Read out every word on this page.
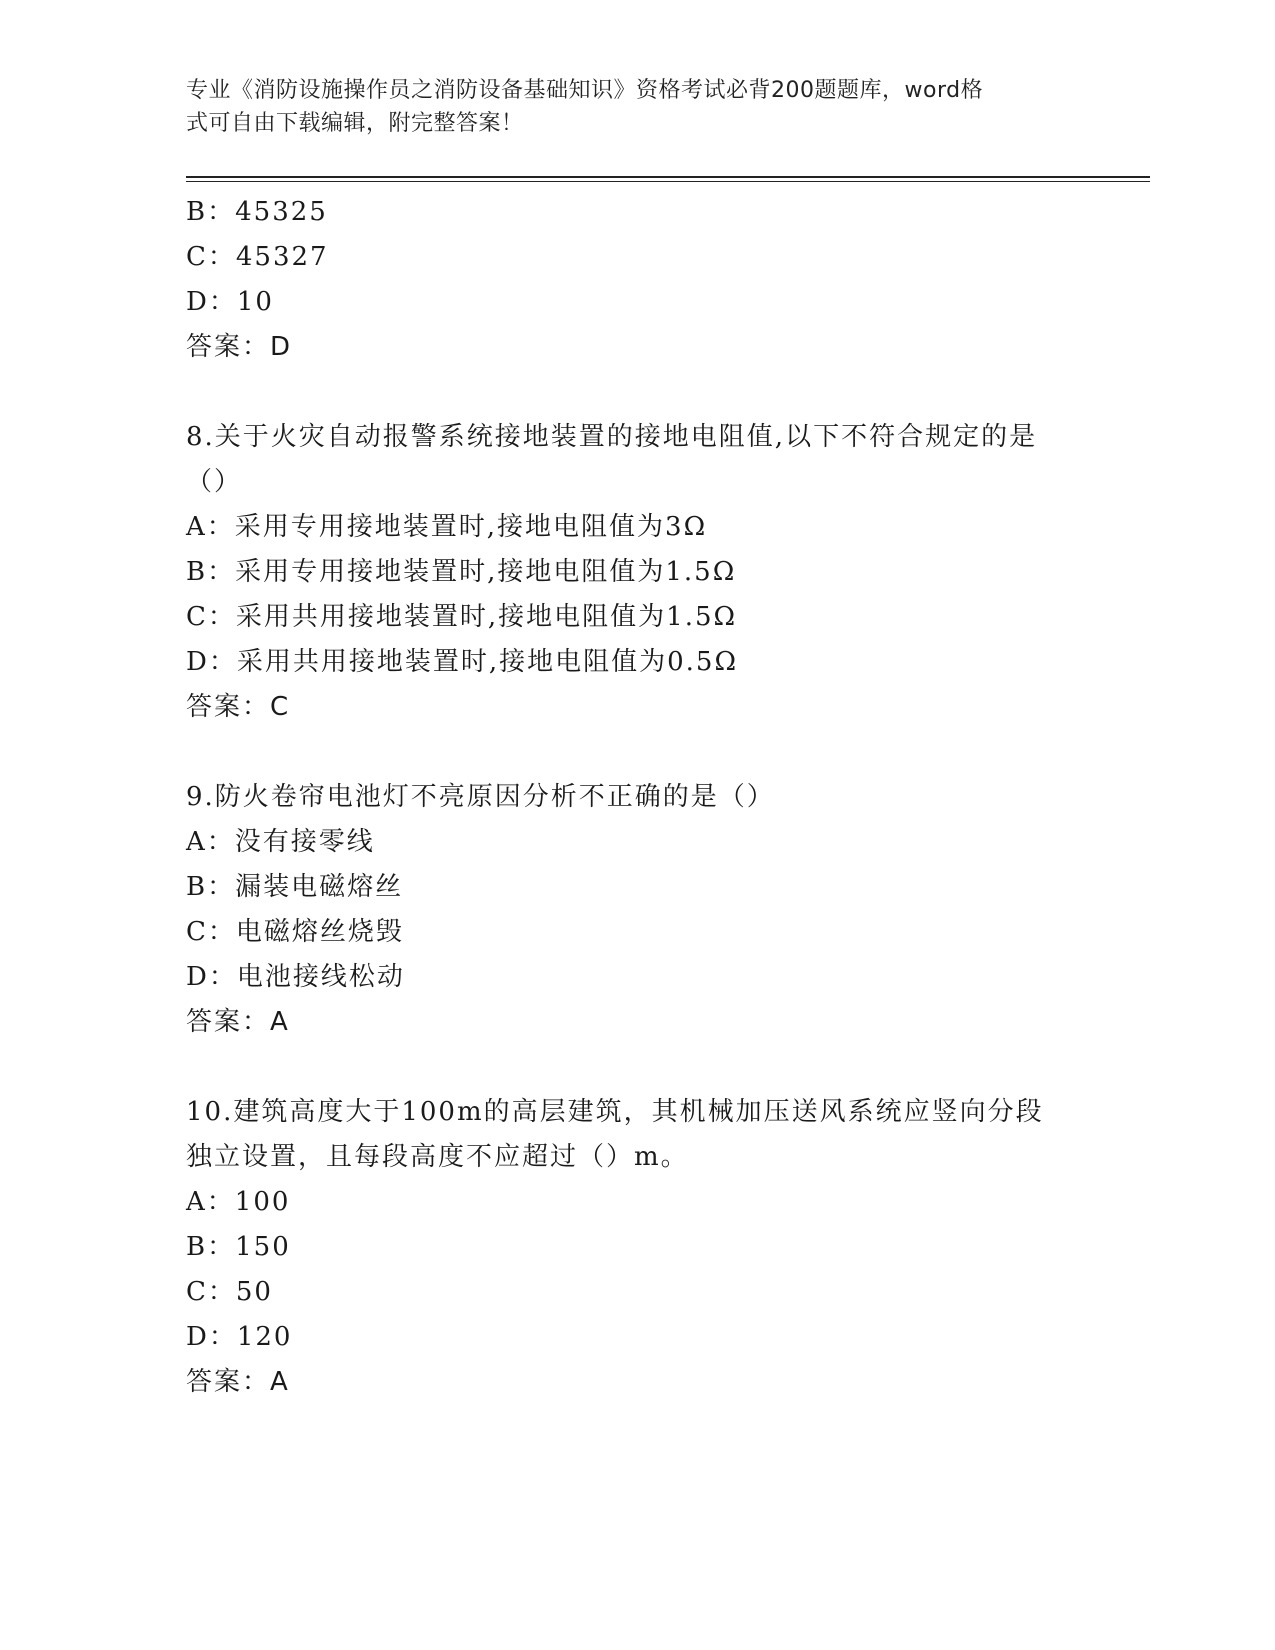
专业《消防设施操作员之消防设备基础知识》资格考试必背200题题库，word格
式可自由下载编辑，附完整答案！
B：45325
C：45327
D：10
答案：D
8.关于火灾自动报警系统接地装置的接地电阻值,以下不符合规定的是
（）
A：采用专用接地装置时,接地电阻值为3Ω
B：采用专用接地装置时,接地电阻值为1.5Ω
C：采用共用接地装置时,接地电阻值为1.5Ω
D：采用共用接地装置时,接地电阻值为0.5Ω
答案：C
9.防火卷帘电池灯不亮原因分析不正确的是（）
A：没有接零线
B：漏装电磁熔丝
C：电磁熔丝烧毁
D：电池接线松动
答案：A
10.建筑高度大于100m的高层建筑，其机械加压送风系统应竖向分段
独立设置，且每段高度不应超过（）m。
A：100
B：150
C：50
D：120
答案：A
